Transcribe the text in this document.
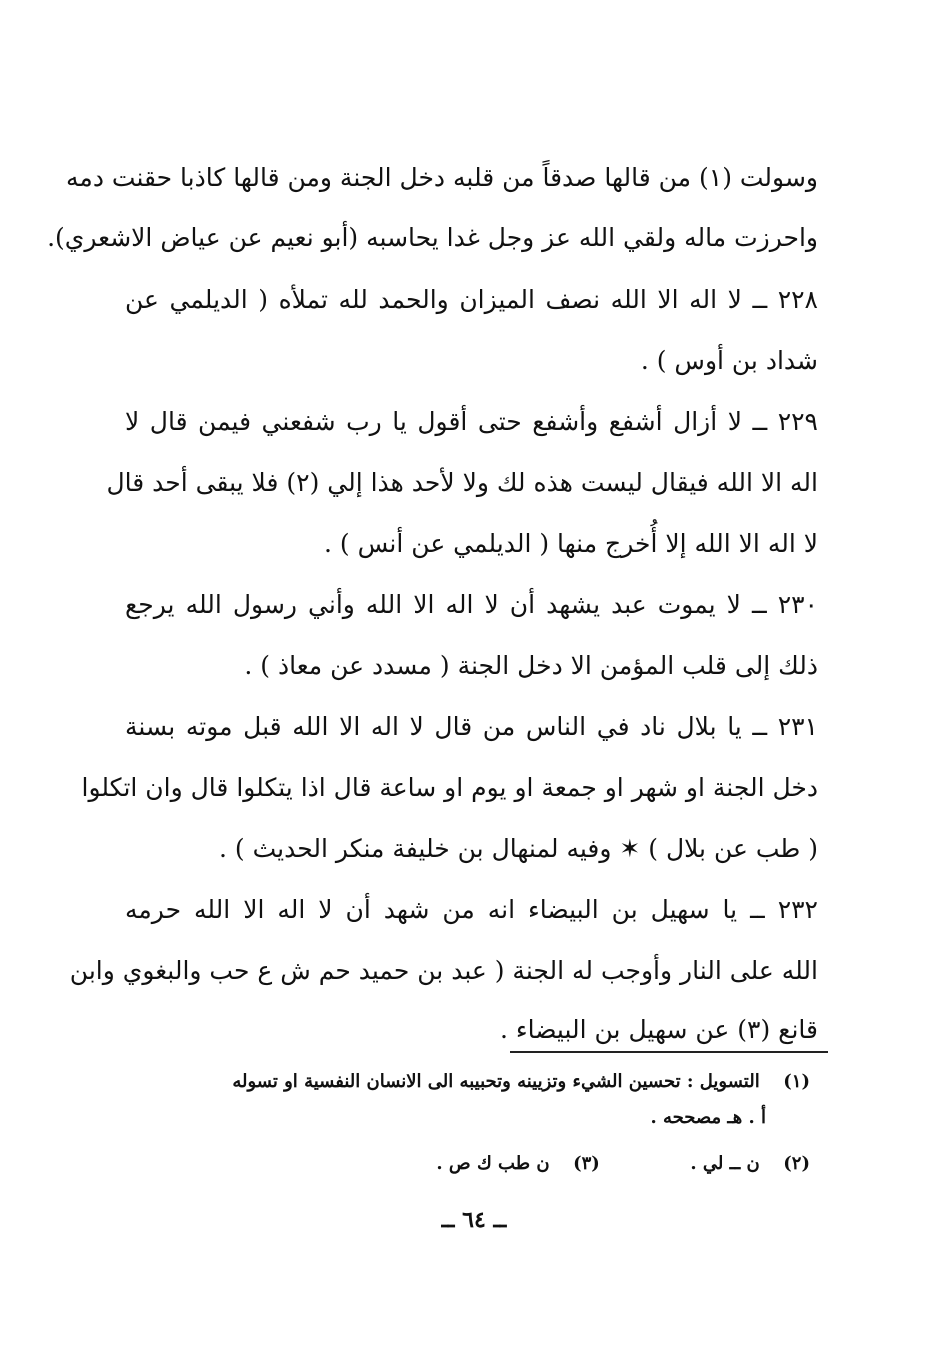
وسولت (١) من قالها صدقاً من قلبه دخل الجنة ومن قالها كاذبا حقنت دمه
واحرزت ماله ولقي الله عز وجل غدا يحاسبه (أبو نعيم عن عياض الاشعري).
٢٢٨ ــ لا اله الا الله نصف الميزان والحمد لله تملأه ( الديلمي عن
شداد بن أوس ) .
٢٢٩ ــ لا أزال أشفع وأشفع حتى أقول يا رب شفعني فيمن قال لا
اله الا الله فيقال ليست هذه لك ولا لأحد هذا إلي (٢) فلا يبقى أحد قال
لا اله الا الله إلا أُخرج منها ( الديلمي عن أنس ) .
٢٣٠ ــ لا يموت عبد يشهد أن لا اله الا الله وأني رسول الله يرجع
ذلك إلى قلب المؤمن الا دخل الجنة ( مسدد عن معاذ ) .
٢٣١ ــ يا بلال ناد في الناس من قال لا اله الا الله قبل موته بسنة
دخل الجنة او شهر او جمعة او يوم او ساعة قال اذا يتكلوا قال وان اتكلوا
( طب عن بلال ) ✶ وفيه لمنهال بن خليفة منكر الحديث ) .
٢٣٢ ــ يا سهيل بن البيضاء انه من شهد أن لا اله الا الله حرمه
الله على النار وأوجب له الجنة ( عبد بن حميد حم ش ع حب والبغوي وابن
قانع (٣) عن سهيل بن البيضاء .
(١) التسويل : تحسين الشيء وتزيينه وتحبيبه الى الانسان النفسية او تسوله
أ . هـ مصححه .
(٢) ن ــ لي .  (٣) ن طب ك ص .
ــ ٦٤ ــ
